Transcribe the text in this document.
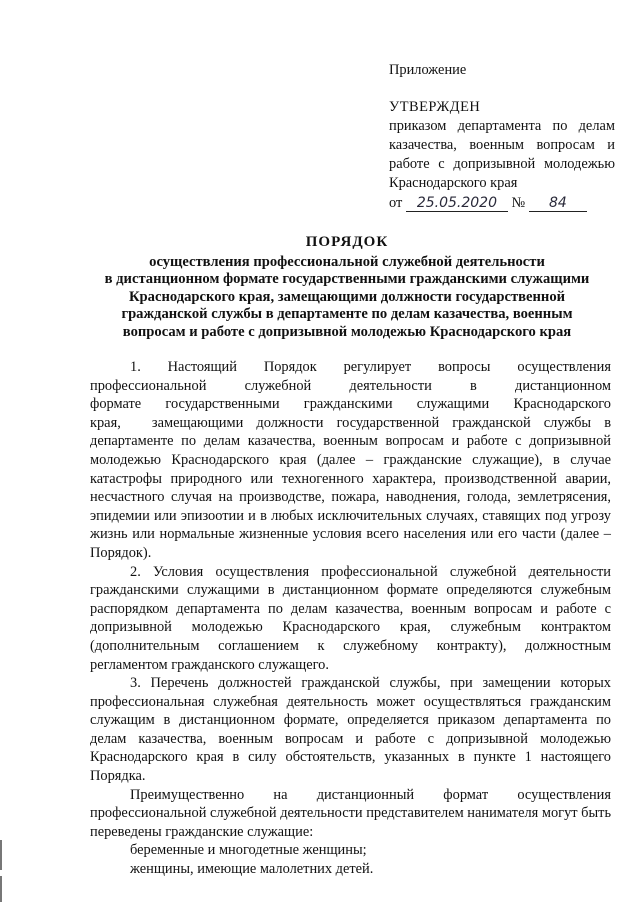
Приложение
УТВЕРЖДЕН
приказом департамента по делам
казачества, военным вопросам и
работе с допризывной молодежью
Краснодарского края
от 25.05.2020 № 84
ПОРЯДОК
осуществления профессиональной служебной деятельности
в дистанционном формате государственными гражданскими служащими
Краснодарского края, замещающими должности государственной
гражданской службы в департаменте по делам казачества, военным
вопросам и работе с допризывной молодежью Краснодарского края

1. Настоящий Порядок регулирует вопросы осуществления профессиональной служебной деятельности в дистанционном формате государственными гражданскими служащими Краснодарского края, замещающими должности государственной гражданской службы в департаменте по делам казачества, военным вопросам и работе с допризывной молодежью Краснодарского края (далее – гражданские служащие), в случае катастрофы природного или техногенного характера, производственной аварии, несчастного случая на производстве, пожара, наводнения, голода, землетрясения, эпидемии или эпизоотии и в любых исключительных случаях, ставящих под угрозу жизнь или нормальные жизненные условия всего населения или его части (далее – Порядок).

2. Условия осуществления профессиональной служебной деятельности гражданскими служащими в дистанционном формате определяются служебным распорядком департамента по делам казачества, военным вопросам и работе с допризывной молодежью Краснодарского края, служебным контрактом (дополнительным соглашением к служебному контракту), должностным регламентом гражданского служащего.

3. Перечень должностей гражданской службы, при замещении которых профессиональная служебная деятельность может осуществляться гражданским служащим в дистанционном формате, определяется приказом департамента по делам казачества, военным вопросам и работе с допризывной молодежью Краснодарского края в силу обстоятельств, указанных в пункте 1 настоящего Порядка.

Преимущественно на дистанционный формат осуществления профессиональной служебной деятельности представителем нанимателя могут быть переведены гражданские служащие:

беременные и многодетные женщины;
женщины, имеющие малолетних детей.
